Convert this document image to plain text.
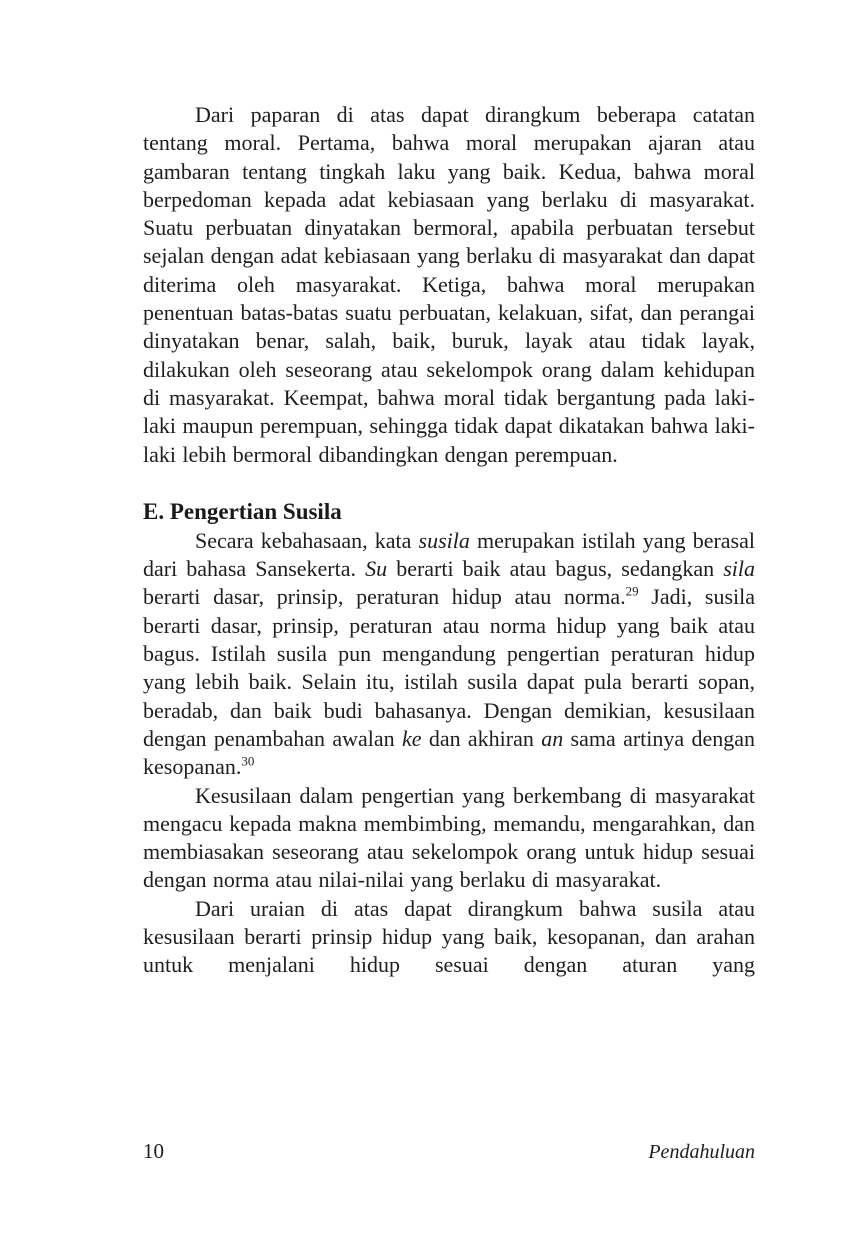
Dari paparan di atas dapat dirangkum beberapa catatan tentang moral. Pertama, bahwa moral merupakan ajaran atau gambaran tentang tingkah laku yang baik. Kedua, bahwa moral berpedoman kepada adat kebiasaan yang berlaku di masyarakat. Suatu perbuatan dinyatakan bermoral, apabila perbuatan tersebut sejalan dengan adat kebiasaan yang berlaku di masyarakat dan dapat diterima oleh masyarakat. Ketiga, bahwa moral merupakan penentuan batas-batas suatu perbuatan, kelakuan, sifat, dan perangai dinyatakan benar, salah, baik, buruk, layak atau tidak layak, dilakukan oleh seseorang atau sekelompok orang dalam kehidupan di masyarakat. Keempat, bahwa moral tidak bergantung pada laki-laki maupun perempuan, sehingga tidak dapat dikatakan bahwa laki-laki lebih bermoral dibandingkan dengan perempuan.

E. Pengertian Susila

Secara kebahasaan, kata susila merupakan istilah yang berasal dari bahasa Sansekerta. Su berarti baik atau bagus, sedangkan sila berarti dasar, prinsip, peraturan hidup atau norma.$^{29}$ Jadi, susila berarti dasar, prinsip, peraturan atau norma hidup yang baik atau bagus. Istilah susila pun mengandung pengertian peraturan hidup yang lebih baik. Selain itu, istilah susila dapat pula berarti sopan, beradab, dan baik budi bahasanya. Dengan demikian, kesusilaan dengan penambahan awalan ke dan akhiran an sama artinya dengan kesopanan.$^{30}$

Kesusilaan dalam pengertian yang berkembang di masyarakat mengacu kepada makna membimbing, memandu, mengarahkan, dan membiasakan seseorang atau sekelompok orang untuk hidup sesuai dengan norma atau nilai-nilai yang berlaku di masyarakat.

Dari uraian di atas dapat dirangkum bahwa susila atau kesusilaan berarti prinsip hidup yang baik, kesopanan, dan arahan untuk menjalani hidup sesuai dengan aturan yang

10	Pendahuluan
